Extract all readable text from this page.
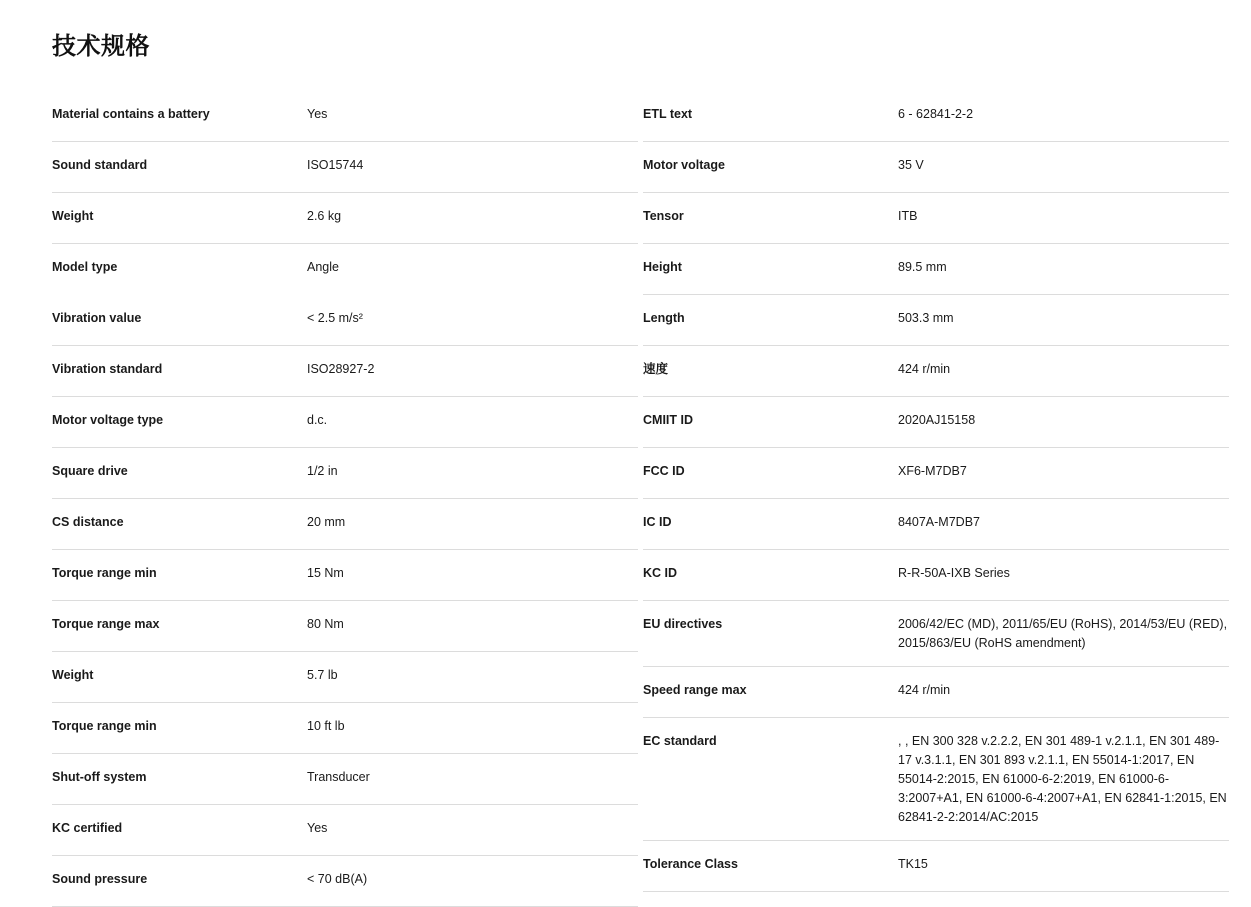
技术规格
Material contains a battery	Yes
Sound standard	ISO15744
Weight	2.6 kg
Model type	Angle
Vibration value	< 2.5 m/s²
Vibration standard	ISO28927-2
Motor voltage type	d.c.
Square drive	1/2 in
CS distance	20 mm
Torque range min	15 Nm
Torque range max	80 Nm
Weight	5.7 lb
Torque range min	10 ft lb
Shut-off system	Transducer
KC certified	Yes
Sound pressure	< 70 dB(A)
ETL text	6 - 62841-2-2
Motor voltage	35 V
Tensor	ITB
Height	89.5 mm
Length	503.3 mm
速度	424 r/min
CMIIT ID	2020AJ15158
FCC ID	XF6-M7DB7
IC ID	8407A-M7DB7
KC ID	R-R-50A-IXB Series
EU directives	2006/42/EC (MD), 2011/65/EU (RoHS), 2014/53/EU (RED), 2015/863/EU (RoHS amendment)
Speed range max	424 r/min
EC standard	, , EN 300 328 v.2.2.2, EN 301 489-1 v.2.1.1, EN 301 489-17 v.3.1.1, EN 301 893 v.2.1.1, EN 55014-1:2017, EN 55014-2:2015, EN 61000-6-2:2019, EN 61000-6-3:2007+A1, EN 61000-6-4:2007+A1, EN 62841-1:2015, EN 62841-2-2:2014/AC:2015
Tolerance Class	TK15
